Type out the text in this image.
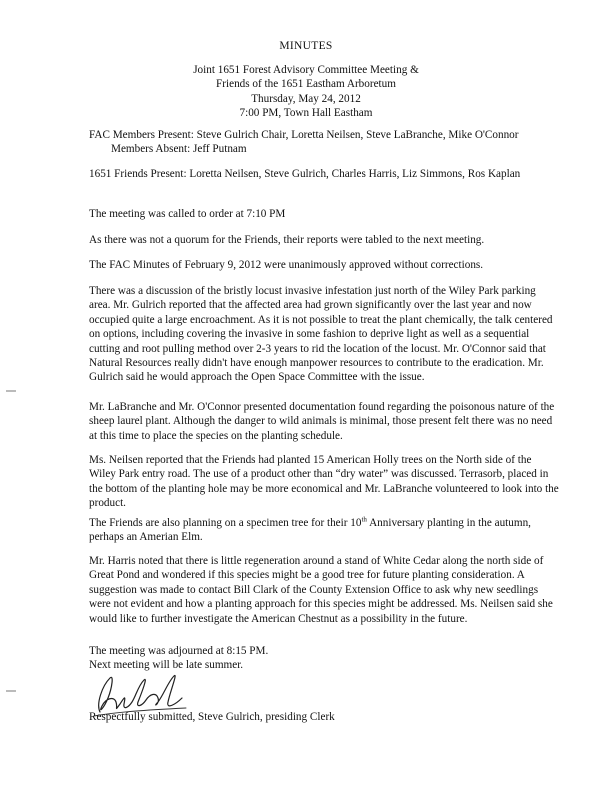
MINUTES
Joint 1651 Forest Advisory Committee Meeting &
Friends of the 1651 Eastham Arboretum
Thursday, May 24, 2012
7:00 PM, Town Hall Eastham
FAC Members Present: Steve Gulrich Chair, Loretta Neilsen, Steve LaBranche, Mike O'Connor
Members Absent: Jeff Putnam
1651 Friends Present: Loretta Neilsen, Steve Gulrich, Charles Harris, Liz Simmons, Ros Kaplan

The meeting was called to order at 7:10 PM

As there was not a quorum for the Friends, their reports were tabled to the next meeting.

The FAC Minutes of February 9, 2012 were unanimously approved without corrections.

There was a discussion of the bristly locust invasive infestation just north of the Wiley Park parking area. Mr. Gulrich reported that the affected area had grown significantly over the last year and now occupied quite a large encroachment. As it is not possible to treat the plant chemically, the talk centered on options, including covering the invasive in some fashion to deprive light as well as a sequential cutting and root pulling method over 2-3 years to rid the location of the locust. Mr. O'Connor said that Natural Resources really didn't have enough manpower resources to contribute to the eradication. Mr. Gulrich said he would approach the Open Space Committee with the issue.

Mr. LaBranche and Mr. O'Connor presented documentation found regarding the poisonous nature of the sheep laurel plant. Although the danger to wild animals is minimal, those present felt there was no need at this time to place the species on the planting schedule.

Ms. Neilsen reported that the Friends had planted 15 American Holly trees on the North side of the Wiley Park entry road. The use of a product other than “dry water” was discussed. Terrasorb, placed in the bottom of the planting hole may be more economical and Mr. LaBranche volunteered to look into the product.

The Friends are also planning on a specimen tree for their 10th Anniversary planting in the autumn, perhaps an Amerian Elm.

Mr. Harris noted that there is little regeneration around a stand of White Cedar along the north side of Great Pond and wondered if this species might be a good tree for future planting consideration. A suggestion was made to contact Bill Clark of the County Extension Office to ask why new seedlings were not evident and how a planting approach for this species might be addressed. Ms. Neilsen said she would like to further investigate the American Chestnut as a possibility in the future.

The meeting was adjourned at 8:15 PM.
Next meeting will be late summer.
Respectfully submitted, Steve Gulrich, presiding Clerk
